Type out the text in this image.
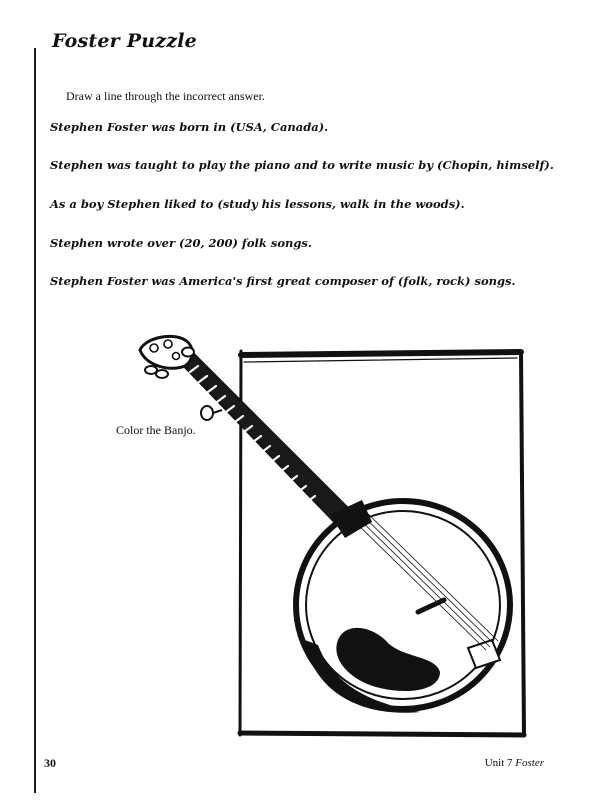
Foster Puzzle
Draw a line through the incorrect answer.
Stephen Foster was born in (USA, Canada).
Stephen was taught to play the piano and to write music by (Chopin, himself).
As a boy Stephen liked to (study his lessons, walk in the woods).
Stephen wrote over (20, 200) folk songs.
Stephen Foster was America's first great composer of (folk, rock) songs.
Color the Banjo.
30	Unit 7 Foster
